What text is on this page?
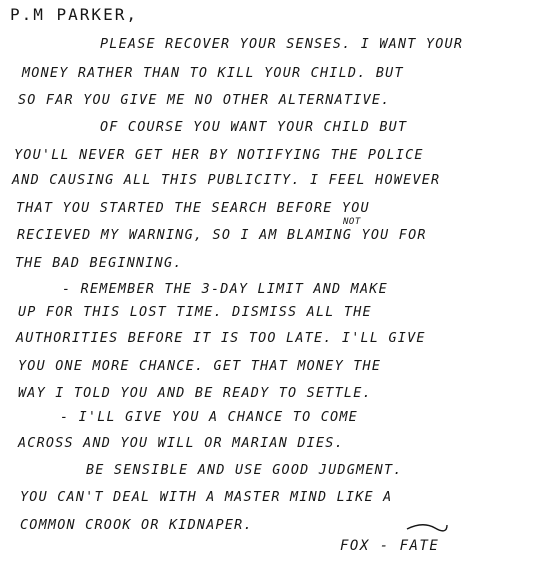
P.M PARKER,
PLEASE RECOVER YOUR SENSES. I WANT YOUR
MONEY RATHER THAN TO KILL YOUR CHILD. BUT
SO FAR YOU GIVE ME NO OTHER ALTERNATIVE.
OF COURSE YOU WANT YOUR CHILD BUT
YOU'LL NEVER GET HER BY NOTIFYING THE POLICE
AND CAUSING ALL THIS PUBLICITY. I FEEL HOWEVER
THAT YOU STARTED THE SEARCH BEFORE YOU
NOT
RECIEVED MY WARNING, SO I AM BLAMING YOU FOR
THE BAD BEGINNING.
- REMEMBER THE 3-DAY LIMIT AND MAKE
UP FOR THIS LOST TIME. DISMISS ALL THE
AUTHORITIES BEFORE IT IS TOO LATE. I'LL GIVE
YOU ONE MORE CHANCE. GET THAT MONEY THE
WAY I TOLD YOU AND BE READY TO SETTLE.
- I'LL GIVE YOU A CHANCE TO COME
ACROSS AND YOU WILL OR MARIAN DIES.
BE SENSIBLE AND USE GOOD JUDGMENT.
YOU CAN'T DEAL WITH A MASTER MIND LIKE A
COMMON CROOK OR KIDNAPER.
FOX - FATE
